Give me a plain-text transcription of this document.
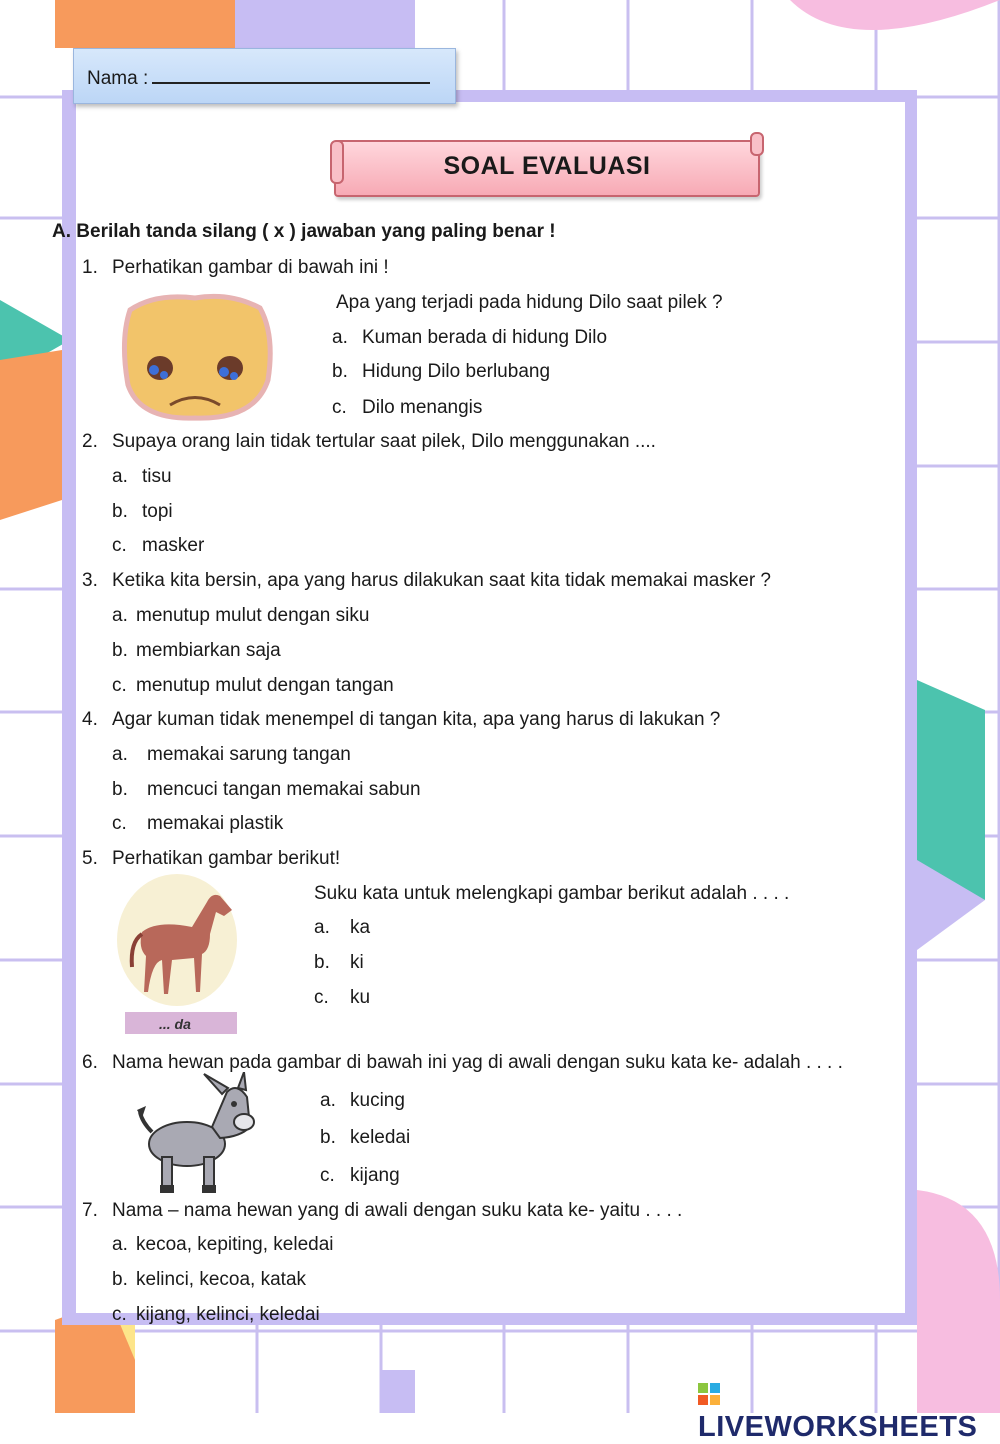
Nama :
SOAL EVALUASI
A. Berilah tanda silang ( x ) jawaban yang paling benar !
1. Perhatikan gambar di bawah ini !
Apa yang terjadi pada hidung Dilo saat pilek ?
a. Kuman berada di hidung Dilo
b. Hidung Dilo berlubang
c. Dilo menangis
2. Supaya orang lain tidak tertular saat pilek, Dilo menggunakan ....
a. tisu
b. topi
c. masker
3. Ketika kita bersin, apa yang harus dilakukan saat kita tidak memakai masker ?
a. menutup mulut dengan siku
b. membiarkan saja
c. menutup mulut dengan tangan
4. Agar kuman tidak menempel di tangan kita, apa yang harus di lakukan ?
a. memakai sarung tangan
b. mencuci tangan memakai sabun
c. memakai plastik
5. Perhatikan gambar berikut!
... da
Suku kata untuk melengkapi gambar berikut adalah . . . .
a. ka
b. ki
c. ku
6. Nama hewan pada gambar di bawah ini yag di awali dengan suku kata ke- adalah . . . .
a. kucing
b. keledai
c. kijang
7. Nama – nama hewan yang di awali dengan suku kata ke- yaitu . . . .
a. kecoa, kepiting, keledai
b. kelinci, kecoa, katak
c. kijang, kelinci, keledai
LIVEWORKSHEETS
